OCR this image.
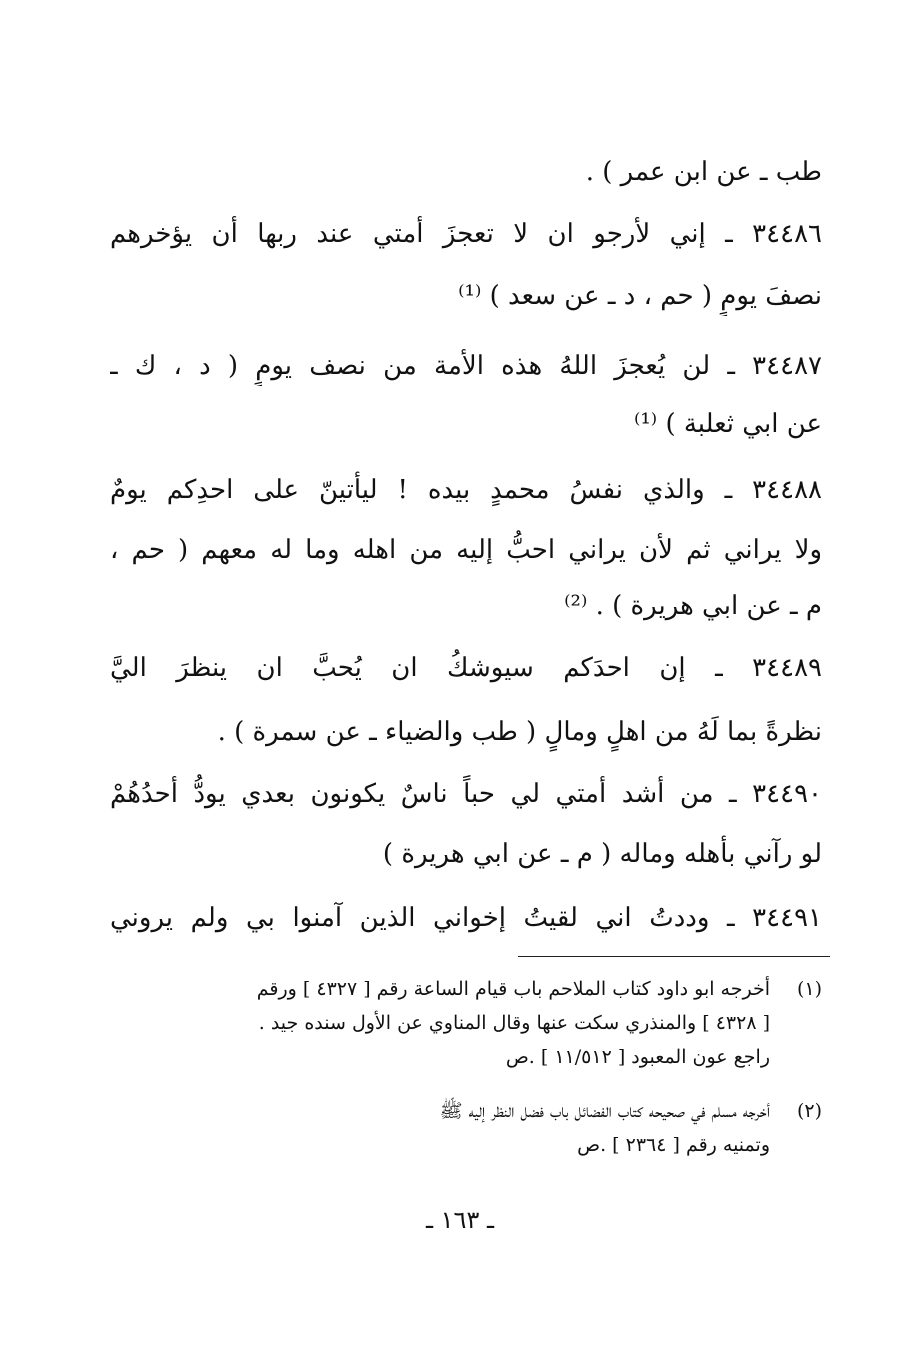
طب ـ عن ابن عمر ) .
٣٤٤٨٦ ـ إني لأرجو ان لا تعجزَ أمتي عند ربها أن يؤخرهم
نصفَ يومٍ ( حم ، د ـ عن سعد ) ⁽¹⁾
٣٤٤٨٧ ـ لن يُعجزَ اللهُ هذه الأمة من نصف يومٍ ( د ، ك ـ
عن ابي ثعلبة ) ⁽¹⁾
٣٤٤٨٨ ـ والذي نفسُ محمدٍ بيده ! ليأتينّ على احدِكم يومٌ
ولا يراني ثم لأن يراني احبُّ إليه من اهله وما له معهم ( حم ،
م ـ عن ابي هريرة ) . ⁽²⁾
٣٤٤٨٩ ـ إن احدَكم سيوشكُ ان يُحبَّ ان ينظرَ اليَّ
نظرةً بما لَهُ من اهلٍ ومالٍ ( طب والضياء ـ عن سمرة ) .
٣٤٤٩٠ ـ من أشد أمتي لي حباً ناسٌ يكونون بعدي يودُّ أحدُهُمْ
لو رآني بأهله وماله ( م ـ عن ابي هريرة )
٣٤٤٩١ ـ وددتُ اني لقيتُ إخواني الذين آمنوا بي ولم يروني
(١)
أخرجه ابو داود كتاب الملاحم باب قيام الساعة رقم [ ٤٣٢٧ ] ورقم
[ ٤٣٢٨ ] والمنذري سكت عنها وقال المناوي عن الأول سنده جيد .
راجع عون المعبود [ ١١/٥١٢ ] .ص
(٢)
أخرجه مسلم في صحيحه كتاب الفضائل باب فضل النظر إليه ﷺ
وتمنيه رقم [ ٢٣٦٤ ] .ص
ـ ١٦٣ ـ
